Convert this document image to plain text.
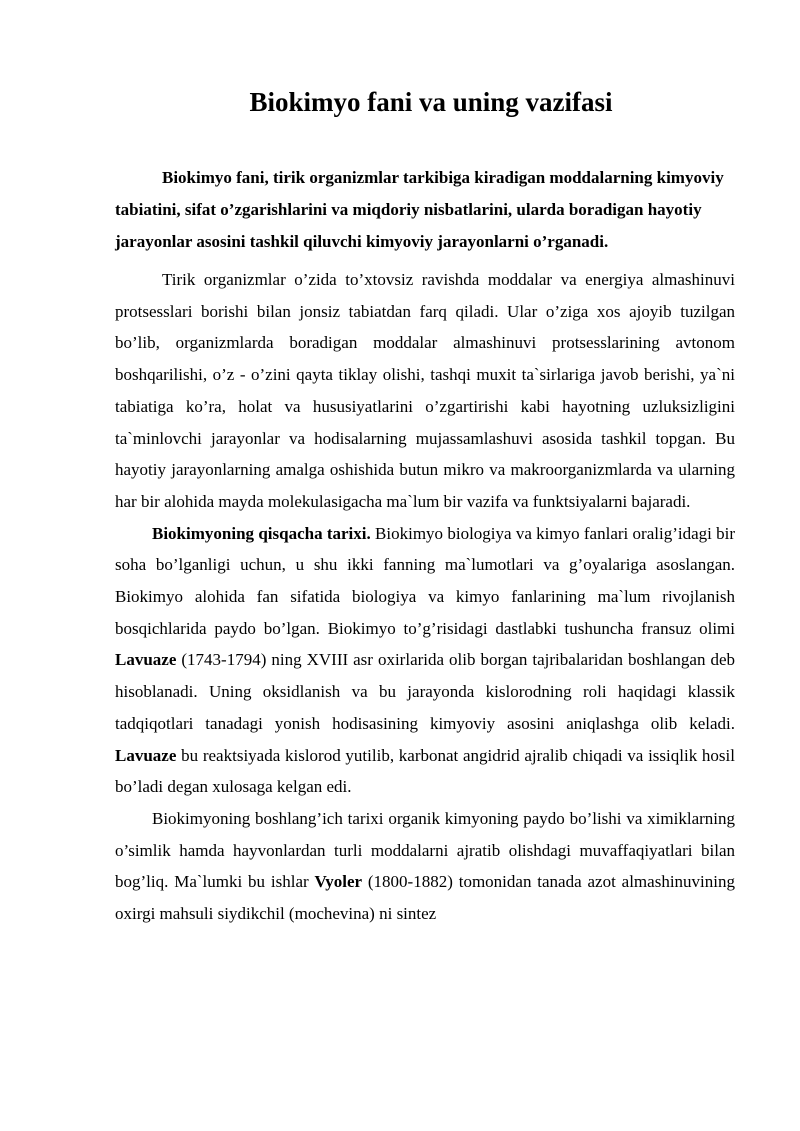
Biokimyo fani va uning vazifasi

Biokimyo fani, tirik organizmlar tarkibiga kiradigan moddalarning kimyoviy tabiatini, sifat o’zgarishlarini va miqdoriy nisbatlarini, ularda boradigan hayotiy jarayonlar asosini tashkil qiluvchi kimyoviy jarayonlarni o’rganadi.

Tirik organizmlar o’zida to’xtovsiz ravishda moddalar va energiya almashinuvi protsesslari borishi bilan jonsiz tabiatdan farq qiladi. Ular o’ziga xos ajoyib tuzilgan bo’lib, organizmlarda boradigan moddalar almashinuvi protsesslarining avtonom boshqarilishi, o’z - o’zini qayta tiklay olishi, tashqi muxit ta`sirlariga javob berishi, ya`ni tabiatiga ko’ra, holat va hususiyatlarini o’zgartirishi kabi hayotning uzluksizligini ta`minlovchi jarayonlar va hodisalarning mujassamlashuvi asosida tashkil topgan. Bu hayotiy jarayonlarning amalga oshishida butun mikro va makroorganizmlarda va ularning har bir alohida mayda molekulasigacha ma`lum bir vazifa va funktsiyalarni bajaradi.

Biokimyoning qisqacha tarixi. Biokimyo biologiya va kimyo fanlari oralig’idagi bir soha bo’lganligi uchun, u shu ikki fanning ma`lumotlari va g’oyalariga asoslangan. Biokimyo alohida fan sifatida biologiya va kimyo fanlarining ma`lum rivojlanish bosqichlarida paydo bo’lgan. Biokimyo to’g’risidagi dastlabki tushuncha fransuz olimi Lavuaze (1743-1794) ning XVIII asr oxirlarida olib borgan tajribalaridan boshlangan deb hisoblanadi. Uning oksidlanish va bu jarayonda kislorodning roli haqidagi klassik tadqiqotlari tanadagi yonish hodisasining kimyoviy asosini aniqlashga olib keladi. Lavuaze bu reaktsiyada kislorod yutilib, karbonat angidrid ajralib chiqadi va issiqlik hosil bo’ladi degan xulosaga kelgan edi.

Biokimyoning boshlang’ich tarixi organik kimyoning paydo bo’lishi va ximiklarning o’simlik hamda hayvonlardan turli moddalarni ajratib olishdagi muvaffaqiyatlari bilan bog’liq. Ma`lumki bu ishlar Vyoler (1800-1882) tomonidan tanada azot almashinuvining oxirgi mahsuli siydikchil (mochevina) ni sintez
